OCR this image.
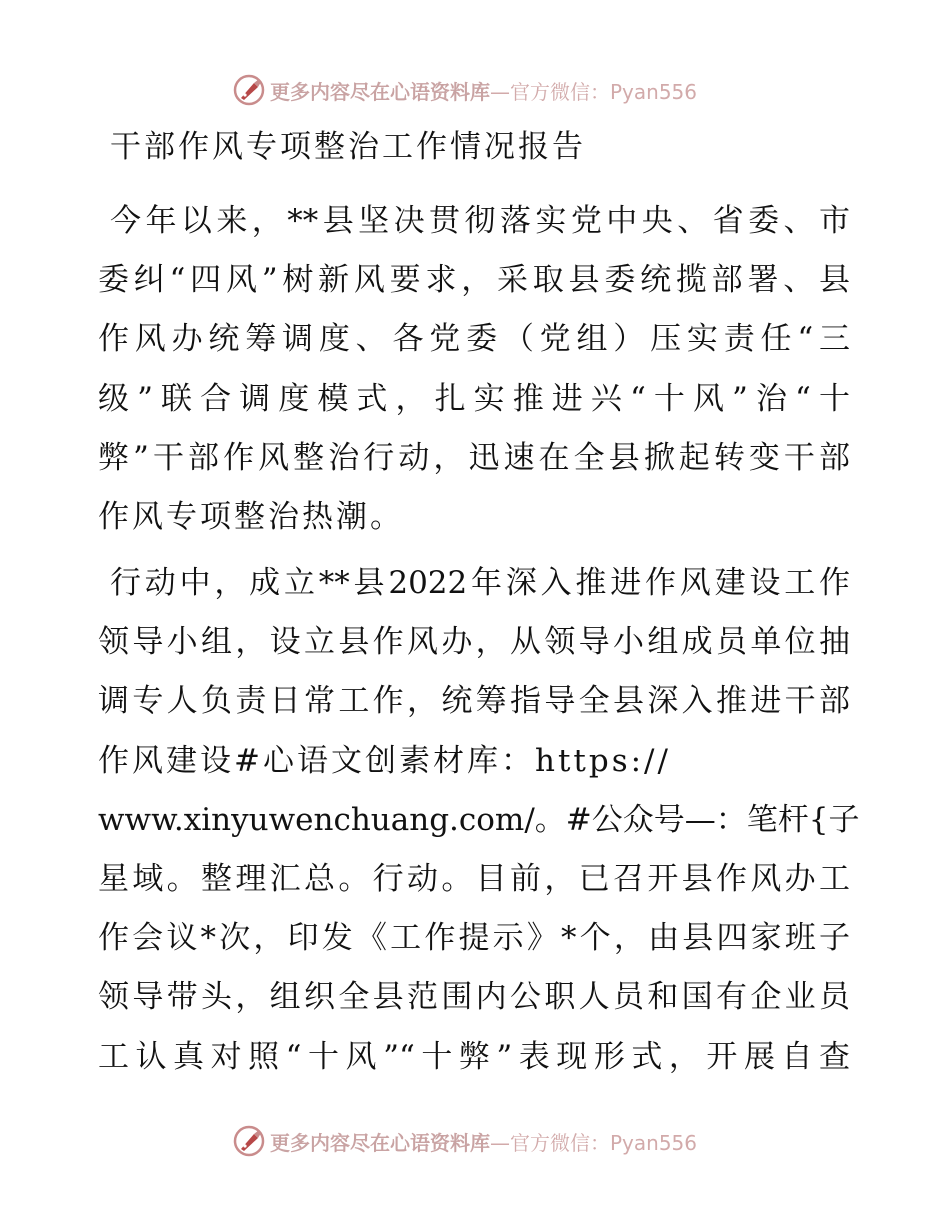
更多内容尽在心语资料库 —官方微信：Pyan556
干部作风专项整治工作情况报告
今年以来，**县坚决贯彻落实党中央、省委、市
委纠“四风”树新风要求，采取县委统揽部署、县
作风办统筹调度、各党委（党组）压实责任“三
级”联合调度模式，扎实推进兴“十风”治“十
弊”干部作风整治行动，迅速在全县掀起转变干部
作风专项整治热潮。
行动中，成立**县2022年深入推进作风建设工作
领导小组，设立县作风办，从领导小组成员单位抽
调专人负责日常工作，统筹指导全县深入推进干部
作风建设#心语文创素材库：https://
www.xinyuwenchuang.com/。#公众号—：笔杆{子
星域。整理汇总。行动。目前，已召开县作风办工
作会议*次，印发《工作提示》*个，由县四家班子
领导带头，组织全县范围内公职人员和国有企业员
工认真对照“十风”“十弊”表现形式，开展自查
更多内容尽在心语资料库 —官方微信：Pyan556
